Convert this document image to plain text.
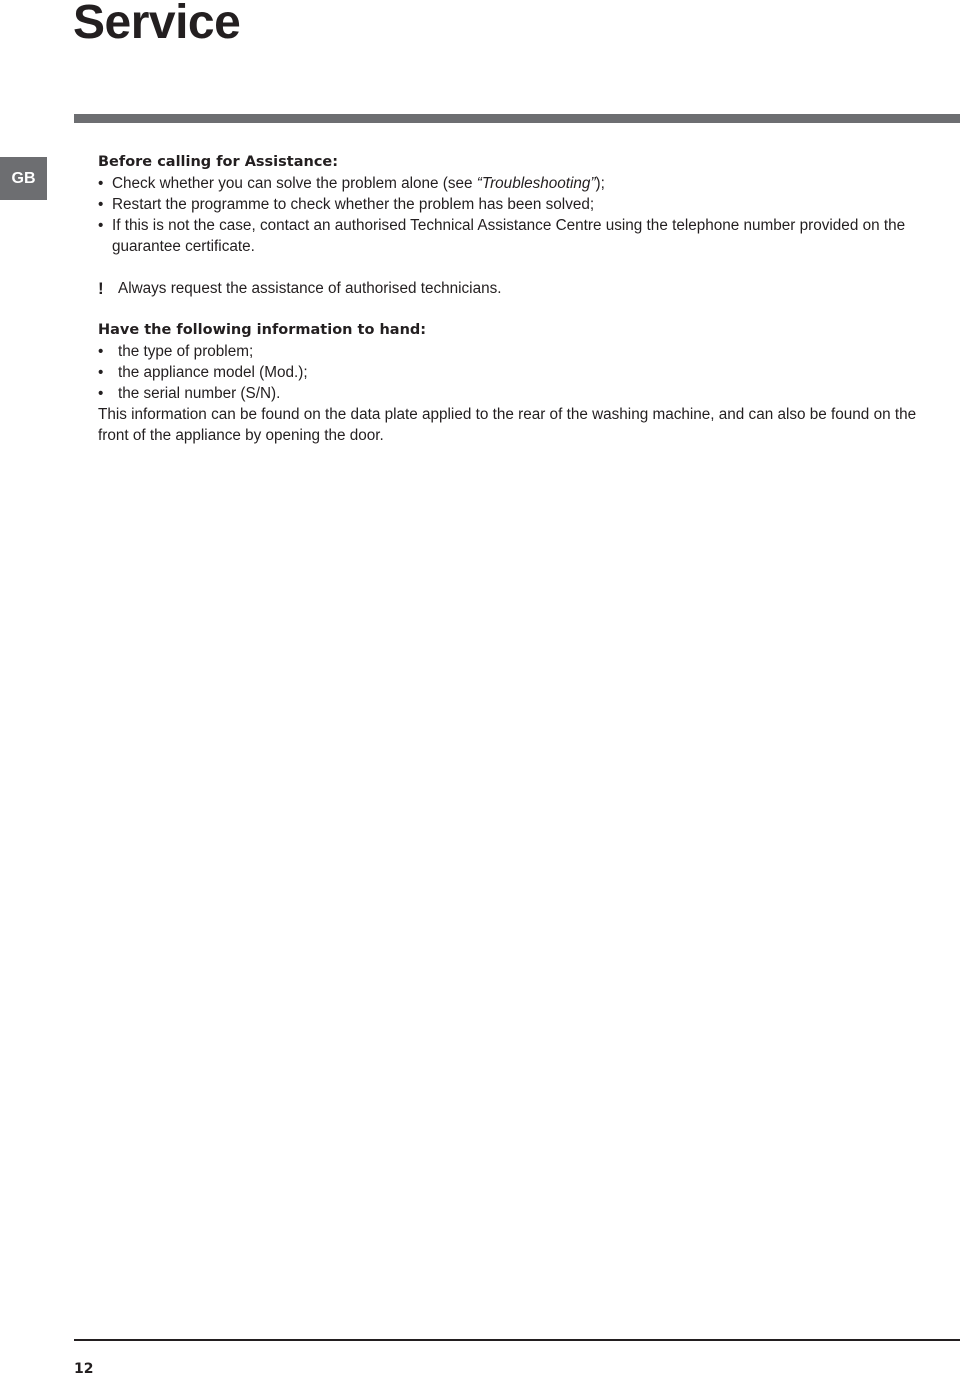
Service
GB

Before calling for Assistance:

• Check whether you can solve the problem alone (see “Troubleshooting”);
• Restart the programme to check whether the problem has been solved;
• If this is not the case, contact an authorised Technical Assistance Centre using the telephone number provided on the guarantee certificate.
! Always request the assistance of authorised technicians.

Have the following information to hand:

• the type of problem;
• the appliance model (Mod.);
• the serial number (S/N).

This information can be found on the data plate applied to the rear of the washing machine, and can also be found on the front of the appliance by opening the door.

12
